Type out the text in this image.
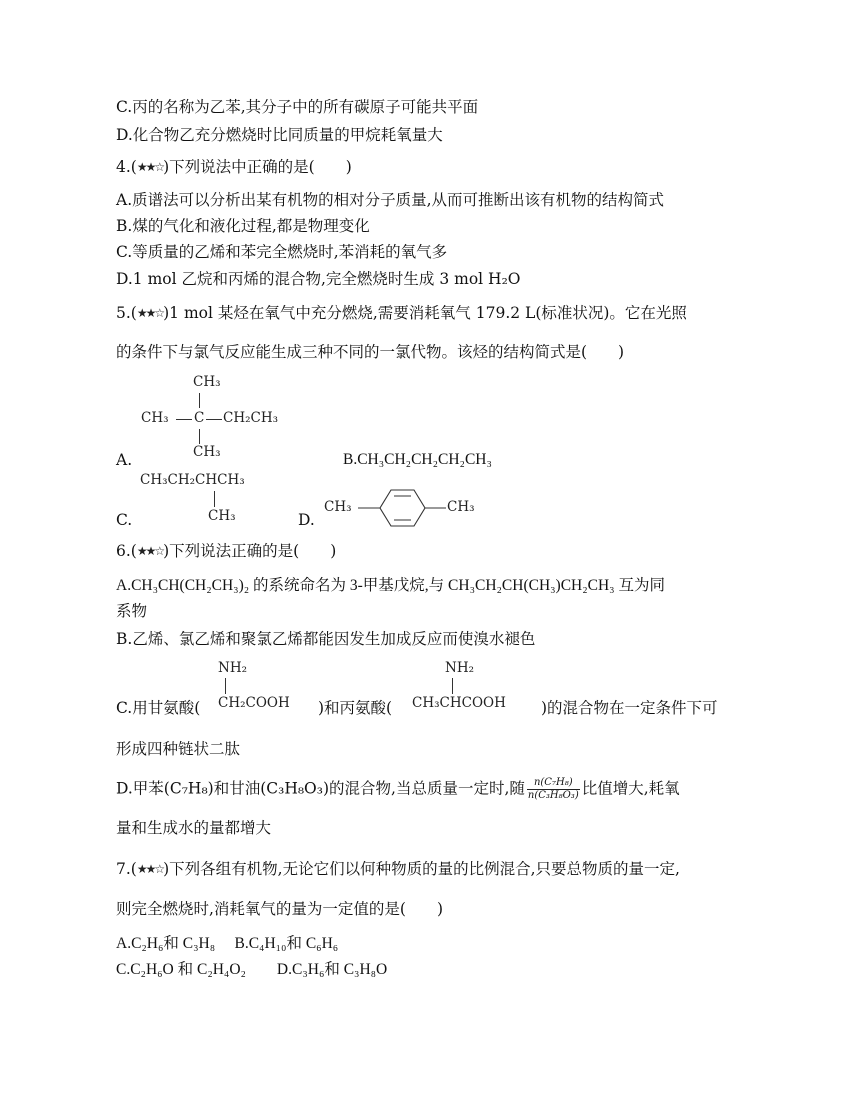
C.丙的名称为乙苯,其分子中的所有碳原子可能共平面
D.化合物乙充分燃烧时比同质量的甲烷耗氧量大
4.(★★☆)下列说法中正确的是(　　)
A.质谱法可以分析出某有机物的相对分子质量,从而可推断出该有机物的结构简式
B.煤的气化和液化过程,都是物理变化
C.等质量的乙烯和苯完全燃烧时,苯消耗的氧气多
D.1 mol 乙烷和丙烯的混合物,完全燃烧时生成 3 mol H₂O
5.(★★☆)1 mol 某烃在氧气中充分燃烧,需要消耗氧气 179.2 L(标准状况)。它在光照
的条件下与氯气反应能生成三种不同的一氯代物。该烃的结构简式是(　　)
CH₃
CH₃ C CH₂CH₃
CH₃
A.	B.CH₃CH₂CH₂CH₂CH₃
CH₃CH₂CHCH₃
CH₃
C.	D.
CH₃	CH₃
6.(★★☆)下列说法正确的是(　　)
A.CH₃CH(CH₂CH₃)₂ 的系统命名为 3-甲基戊烷,与 CH₃CH₂CH(CH₃)CH₂CH₃ 互为同
系物
B.乙烯、氯乙烯和聚氯乙烯都能因发生加成反应而使溴水褪色
NH₂
CH₂COOH
NH₂
CH₃CHCOOH
C.用甘氨酸(	)和丙氨酸(	)的混合物在一定条件下可
形成四种链状二肽
D.甲苯(C₇H₈)和甘油(C₃H₈O₃)的混合物,当总质量一定时,随 $\frac{\text{n(C₇H₈)}}{\text{n(C₃H₈O₃)}}$ 比值增大,耗氧
量和生成水的量都增大
7.(★★☆)下列各组有机物,无论它们以何种物质的量的比例混合,只要总物质的量一定,
则完全燃烧时,消耗氧气的量为一定值的是(　　)
A.C₂H₆和 C₃H₈　 B.C₄H₁₀和 C₆H₆
C.C₂H₆O 和 C₂H₄O₂　　D.C₃H₆和 C₃H₈O
